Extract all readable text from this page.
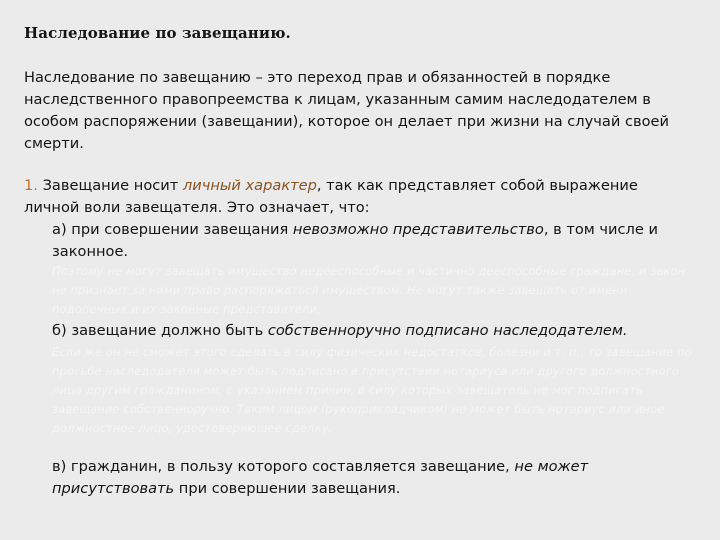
Наследование по завещанию.

Наследование по завещанию – это переход прав и обязанностей в порядке наследственного правопреемства к лицам, указанным самим наследодателем в особом распоряжении (завещании), которое он делает при жизни на случай своей смерти.

1. Завещание носит личный характер, так как представляет собой выражение личной воли завещателя. Это означает, что:

а) при совершении завещания невозможно представительство, в том числе и законное.

Поэтому не могут завещать имущество недееспособные и частично дееспособные граждане, и закон не признает за ними право распоряжаться имуществом. Не могут также завещать от имени подопечных и их законные представители;

б) завещание должно быть собственноручно подписано наследодателем.

Если же он не сможет этого сделать в силу физических недостатков, болезни и т. п., то завещание по просьбе наследодателя может быть подписано в присутствии нотариуса или другого должностного лица другим гражданином, с указанием причин, в силу которых завещатель не мог подписать завещание собственноручно. Таким лицом (рукоприкладчиком) не может быть нотариус или иное должностное лицо, удостоверяющее сделку.

в) гражданин, в пользу которого составляется завещание, не может присутствовать при совершении завещания.
